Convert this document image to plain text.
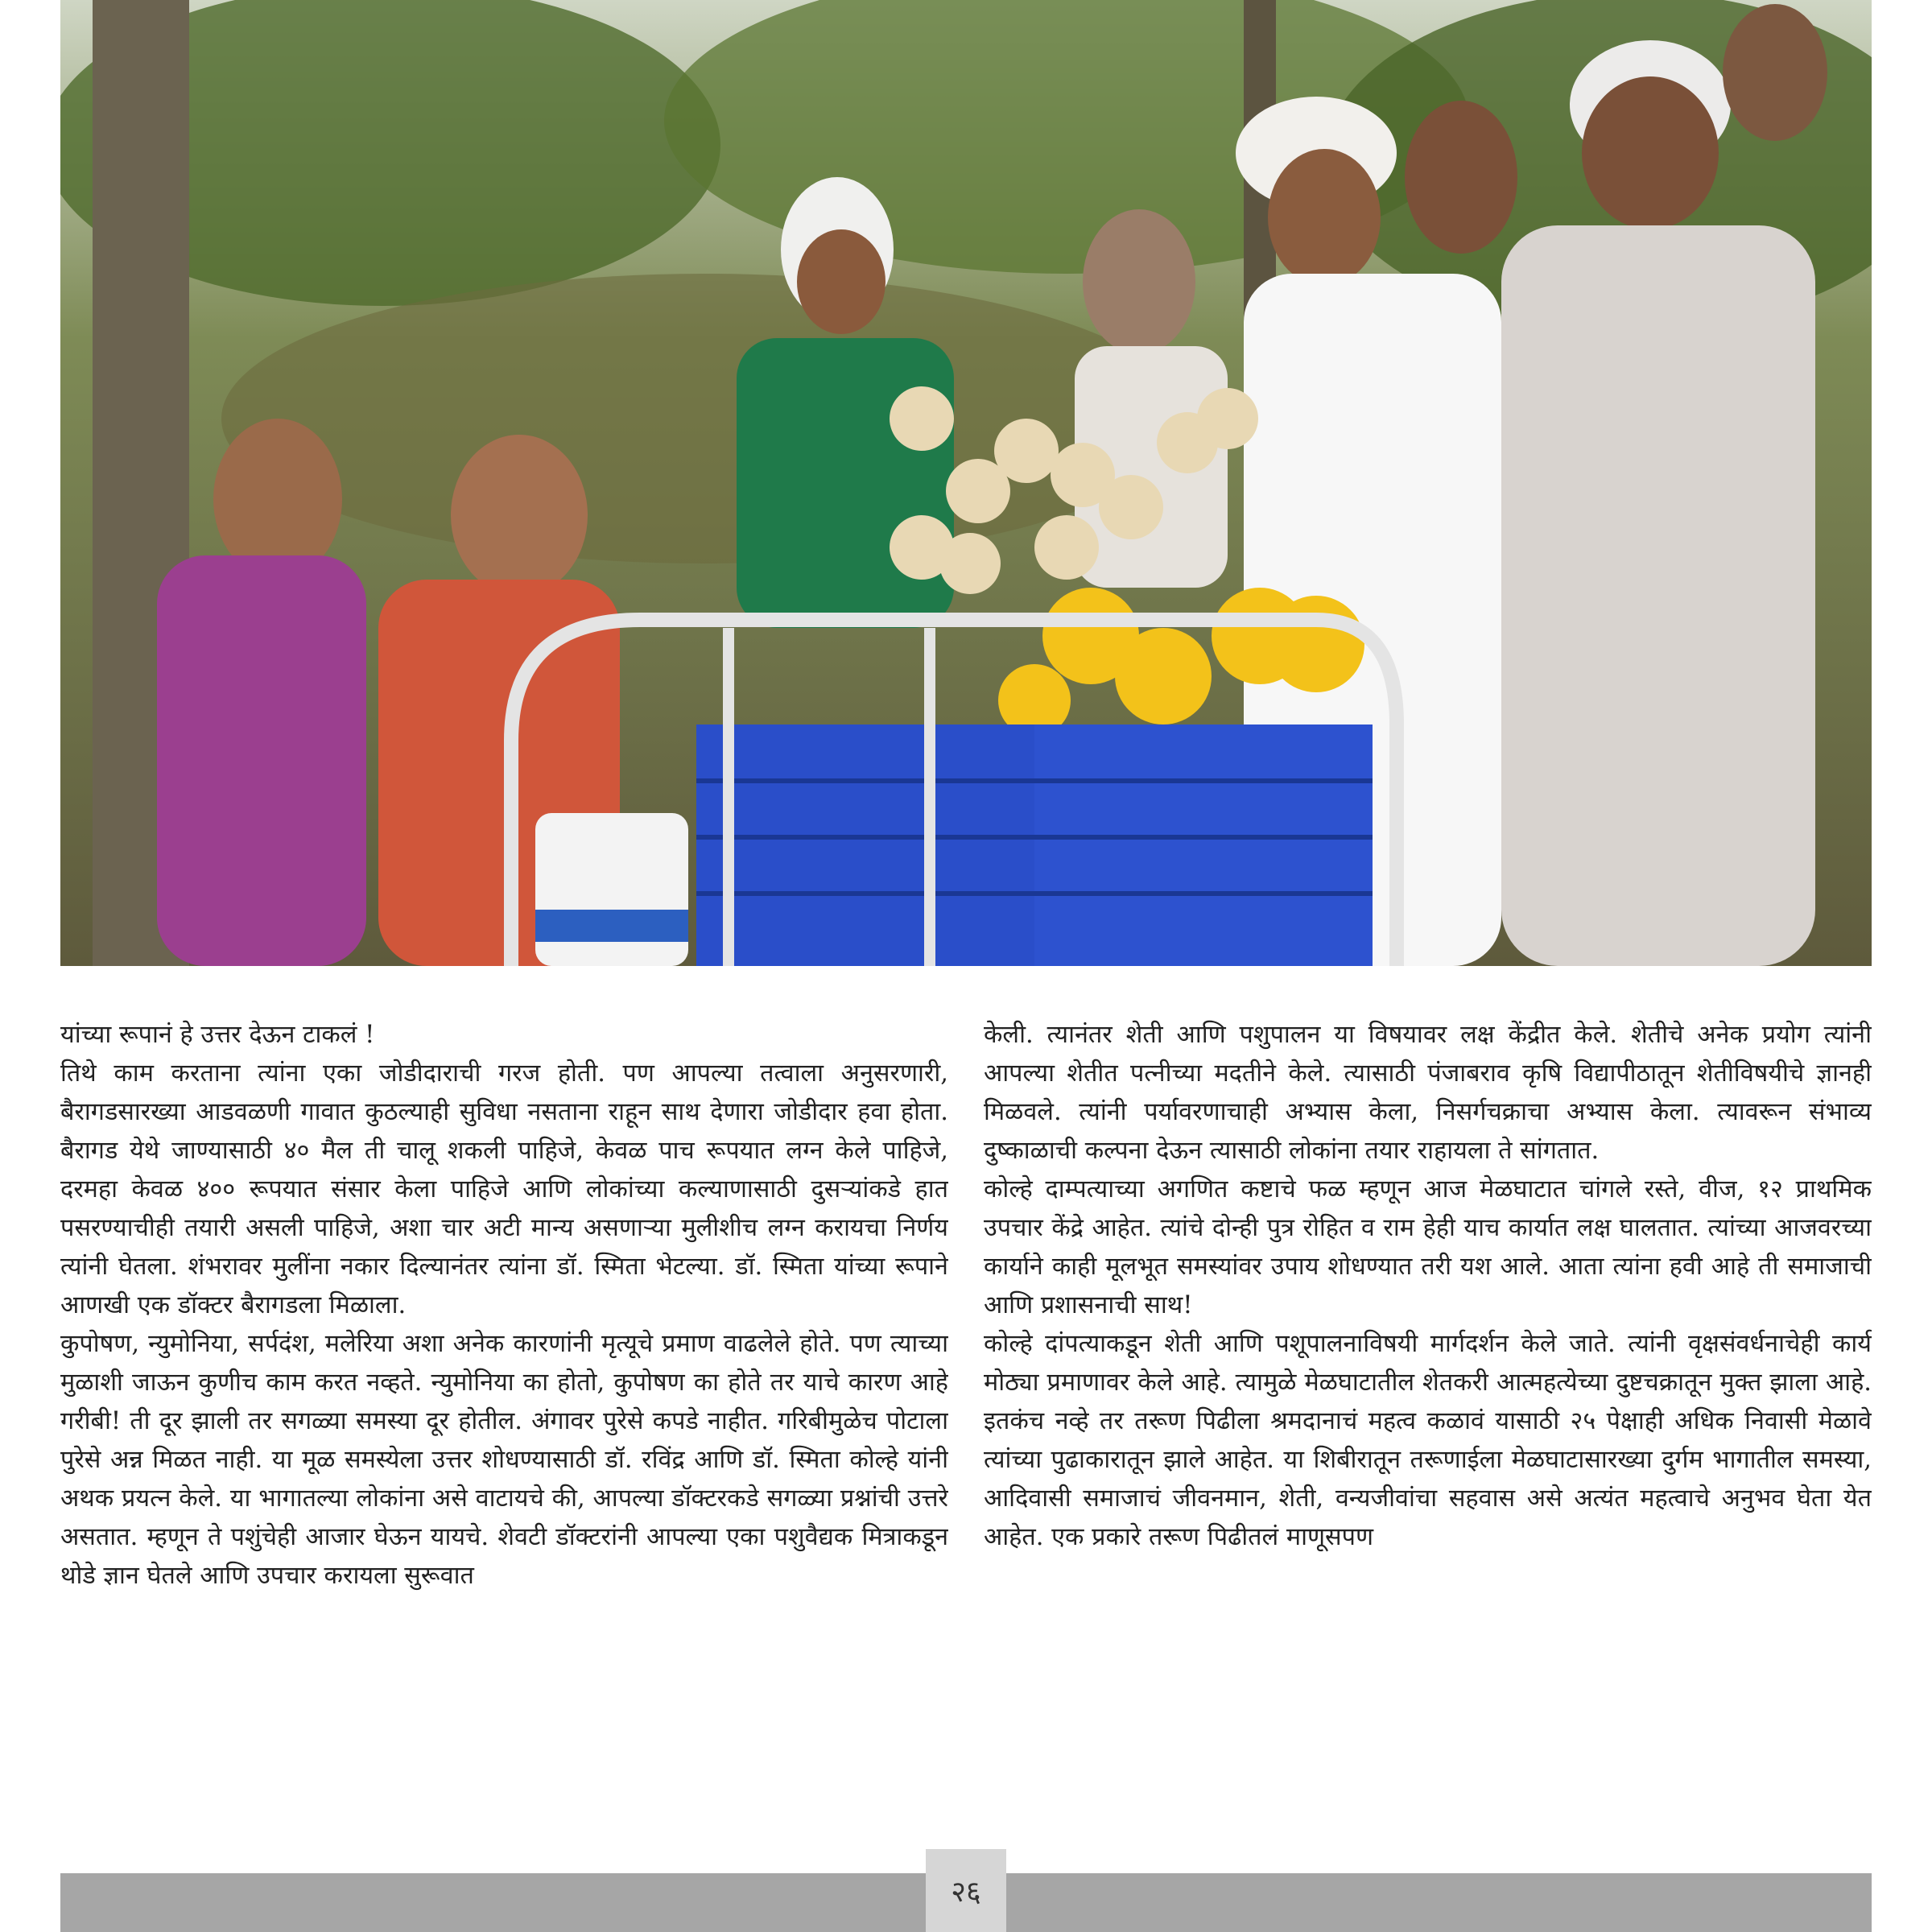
यांच्या रूपानं हे उत्तर देऊन टाकलं !

तिथे काम करताना त्यांना एका जोडीदाराची गरज होती. पण आपल्या तत्वाला अनुसरणारी, बैरागडसारख्या आडवळणी गावात कुठल्याही सुविधा नसताना राहून साथ देणारा जोडीदार हवा होता. बैरागड येथे जाण्यासाठी ४० मैल ती चालू शकली पाहिजे, केवळ पाच रूपयात लग्न केले पाहिजे, दरमहा केवळ ४०० रूपयात संसार केला पाहिजे आणि लोकांच्या कल्याणासाठी दुसऱ्यांकडे हात पसरण्याचीही तयारी असली पाहिजे, अशा चार अटी मान्य असणाऱ्या मुलीशीच लग्न करायचा निर्णय त्यांनी घेतला. शंभरावर मुलींना नकार दिल्यानंतर त्यांना डॉ. स्मिता भेटल्या. डॉ. स्मिता यांच्या रूपाने आणखी एक डॉक्टर बैरागडला मिळाला.

कुपोषण, न्युमोनिया, सर्पदंश, मलेरिया अशा अनेक कारणांनी मृत्यूचे प्रमाण वाढलेले होते. पण त्याच्या मुळाशी जाऊन कुणीच काम करत नव्हते. न्युमोनिया का होतो, कुपोषण का होते तर याचे कारण आहे गरीबी! ती दूर झाली तर सगळ्या समस्या दूर होतील. अंगावर पुरेसे कपडे नाहीत. गरिबीमुळेच पोटाला पुरेसे अन्न मिळत नाही. या मूळ समस्येला उत्तर शोधण्यासाठी डॉ. रविंद्र आणि डॉ. स्मिता कोल्हे यांनी अथक प्रयत्न केले. या भागातल्या लोकांना असे वाटायचे की, आपल्या डॉक्टरकडे सगळ्या प्रश्नांची उत्तरे असतात. म्हणून ते पशुंचेही आजार घेऊन यायचे. शेवटी डॉक्टरांनी आपल्या एका पशुवैद्यक मित्राकडून थोडे ज्ञान घेतले आणि उपचार करायला सुरूवात

केली. त्यानंतर शेती आणि पशुपालन या विषयावर लक्ष केंद्रीत केले. शेतीचे अनेक प्रयोग त्यांनी आपल्या शेतीत पत्नीच्या मदतीने केले. त्यासाठी पंजाबराव कृषि विद्यापीठातून शेतीविषयीचे ज्ञानही मिळवले. त्यांनी पर्यावरणाचाही अभ्यास केला, निसर्गचक्राचा अभ्यास केला. त्यावरून संभाव्य दुष्काळाची कल्पना देऊन त्यासाठी लोकांना तयार राहायला ते सांगतात.

कोल्हे दाम्पत्याच्या अगणित कष्टाचे फळ म्हणून आज मेळघाटात चांगले रस्ते, वीज, १२ प्राथमिक उपचार केंद्रे आहेत. त्यांचे दोन्ही पुत्र रोहित व राम हेही याच कार्यात लक्ष घालतात. त्यांच्या आजवरच्या कार्याने काही मूलभूत समस्यांवर उपाय शोधण्यात तरी यश आले. आता त्यांना हवी आहे ती समाजाची आणि प्रशासनाची साथ!

कोल्हे दांपत्याकडून शेती आणि पशूपालनाविषयी मार्गदर्शन केले जाते. त्यांनी वृक्षसंवर्धनाचेही कार्य मोठ्या प्रमाणावर केले आहे. त्यामुळे मेळघाटातील शेतकरी आत्महत्येच्या दुष्टचक्रातून मुक्त झाला आहे. इतकंच नव्हे तर तरूण पिढीला श्रमदानाचं महत्व कळावं यासाठी २५ पेक्षाही अधिक निवासी मेळावे त्यांच्या पुढाकारातून झाले आहेत. या शिबीरातून तरूणाईला मेळघाटासारख्या दुर्गम भागातील समस्या, आदिवासी समाजाचं जीवनमान, शेती, वन्यजीवांचा सहवास असे अत्यंत महत्वाचे अनुभव घेता येत आहेत. एक प्रकारे तरूण पिढीतलं माणूसपण

२६
